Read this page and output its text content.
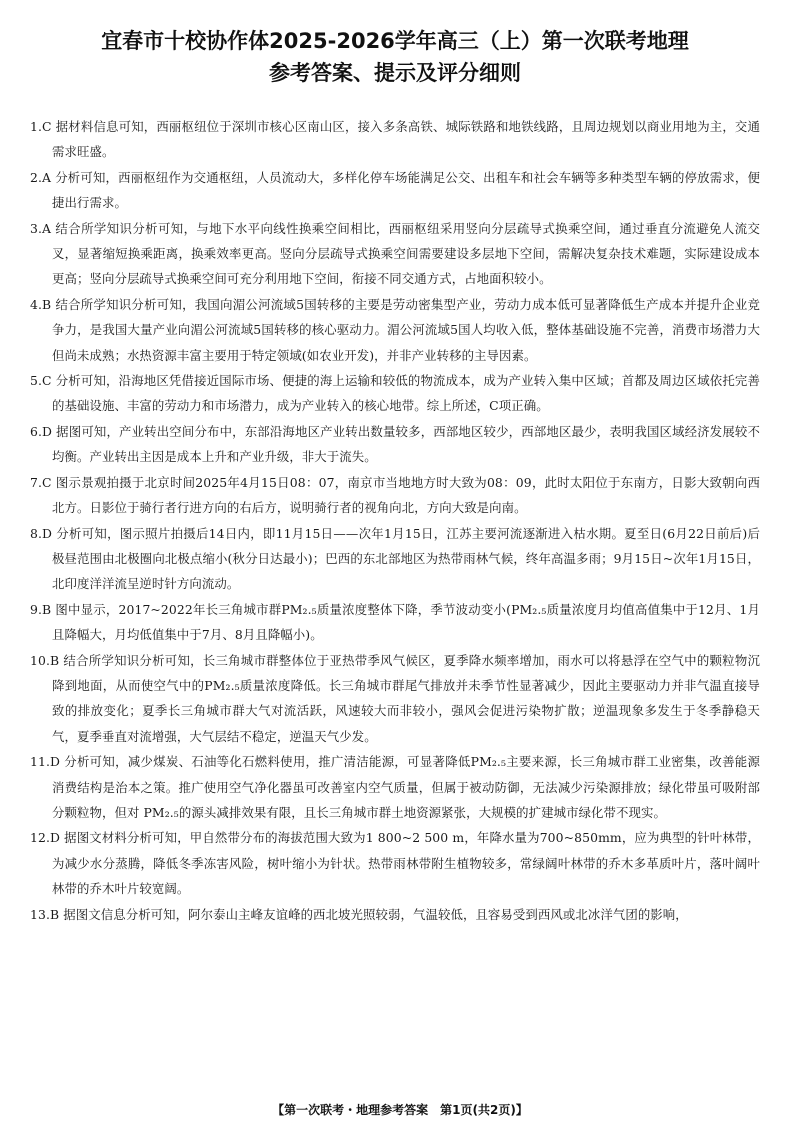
宜春市十校协作体2025-2026学年高三（上）第一次联考地理
参考答案、提示及评分细则

1.C 据材料信息可知，西丽枢纽位于深圳市核心区南山区，接入多条高铁、城际铁路和地铁线路，且周边规划以商业用地为主，交通需求旺盛。

2.A 分析可知，西丽枢纽作为交通枢纽，人员流动大，多样化停车场能满足公交、出租车和社会车辆等多种类型车辆的停放需求，便捷出行需求。

3.A 结合所学知识分析可知，与地下水平向线性换乘空间相比，西丽枢纽采用竖向分层疏导式换乘空间，通过垂直分流避免人流交叉，显著缩短换乘距离，换乘效率更高。竖向分层疏导式换乘空间需要建设多层地下空间，需解决复杂技术难题，实际建设成本更高；竖向分层疏导式换乘空间可充分利用地下空间，衔接不同交通方式，占地面积较小。

4.B 结合所学知识分析可知，我国向湄公河流域5国转移的主要是劳动密集型产业，劳动力成本低可显著降低生产成本并提升企业竞争力，是我国大量产业向湄公河流域5国转移的核心驱动力。湄公河流域5国人均收入低，整体基础设施不完善，消费市场潜力大但尚未成熟；水热资源丰富主要用于特定领域(如农业开发)，并非产业转移的主导因素。

5.C 分析可知，沿海地区凭借接近国际市场、便捷的海上运输和较低的物流成本，成为产业转入集中区域；首都及周边区域依托完善的基础设施、丰富的劳动力和市场潜力，成为产业转入的核心地带。综上所述，C项正确。

6.D 据图可知，产业转出空间分布中，东部沿海地区产业转出数量较多，西部地区较少，西部地区最少，表明我国区域经济发展较不均衡。产业转出主因是成本上升和产业升级，非大于流失。

7.C 图示景观拍摄于北京时间2025年4月15日08：07，南京市当地地方时大致为08：09，此时太阳位于东南方，日影大致朝向西北方。日影位于骑行者行进方向的右后方，说明骑行者的视角向北，方向大致是向南。

8.D 分析可知，图示照片拍摄后14日内，即11月15日——次年1月15日，江苏主要河流逐渐进入枯水期。夏至日(6月22日前后)后极昼范围由北极圈向北极点缩小(秋分日达最小)；巴西的东北部地区为热带雨林气候，终年高温多雨；9月15日~次年1月15日，北印度洋洋流呈逆时针方向流动。

9.B 图中显示，2017~2022年长三角城市群PM₂.₅质量浓度整体下降，季节波动变小(PM₂.₅质量浓度月均值高值集中于12月、1月且降幅大，月均低值集中于7月、8月且降幅小)。

10.B 结合所学知识分析可知，长三角城市群整体位于亚热带季风气候区，夏季降水频率增加，雨水可以将悬浮在空气中的颗粒物沉降到地面，从而使空气中的PM₂.₅质量浓度降低。长三角城市群尾气排放并未季节性显著减少，因此主要驱动力并非气温直接导致的排放变化；夏季长三角城市群大气对流活跃，风速较大而非较小，强风会促进污染物扩散；逆温现象多发生于冬季静稳天气，夏季垂直对流增强，大气层结不稳定，逆温天气少发。

11.D 分析可知，减少煤炭、石油等化石燃料使用，推广清洁能源，可显著降低PM₂.₅主要来源，长三角城市群工业密集，改善能源消费结构是治本之策。推广使用空气净化器虽可改善室内空气质量，但属于被动防御，无法减少污染源排放；绿化带虽可吸附部分颗粒物，但对 PM₂.₅的源头减排效果有限，且长三角城市群土地资源紧张，大规模的扩建城市绿化带不现实。

12.D 据图文材料分析可知，甲自然带分布的海拔范围大致为1 800~2 500 m，年降水量为700~850mm，应为典型的针叶林带，为减少水分蒸腾，降低冬季冻害风险，树叶缩小为针状。热带雨林带附生植物较多，常绿阔叶林带的乔木多革质叶片，落叶阔叶林带的乔木叶片较宽阔。

13.B 据图文信息分析可知，阿尔泰山主峰友谊峰的西北坡光照较弱，气温较低，且容易受到西风或北冰洋气团的影响，

【第一次联考・地理参考答案　第1页(共2页)】
